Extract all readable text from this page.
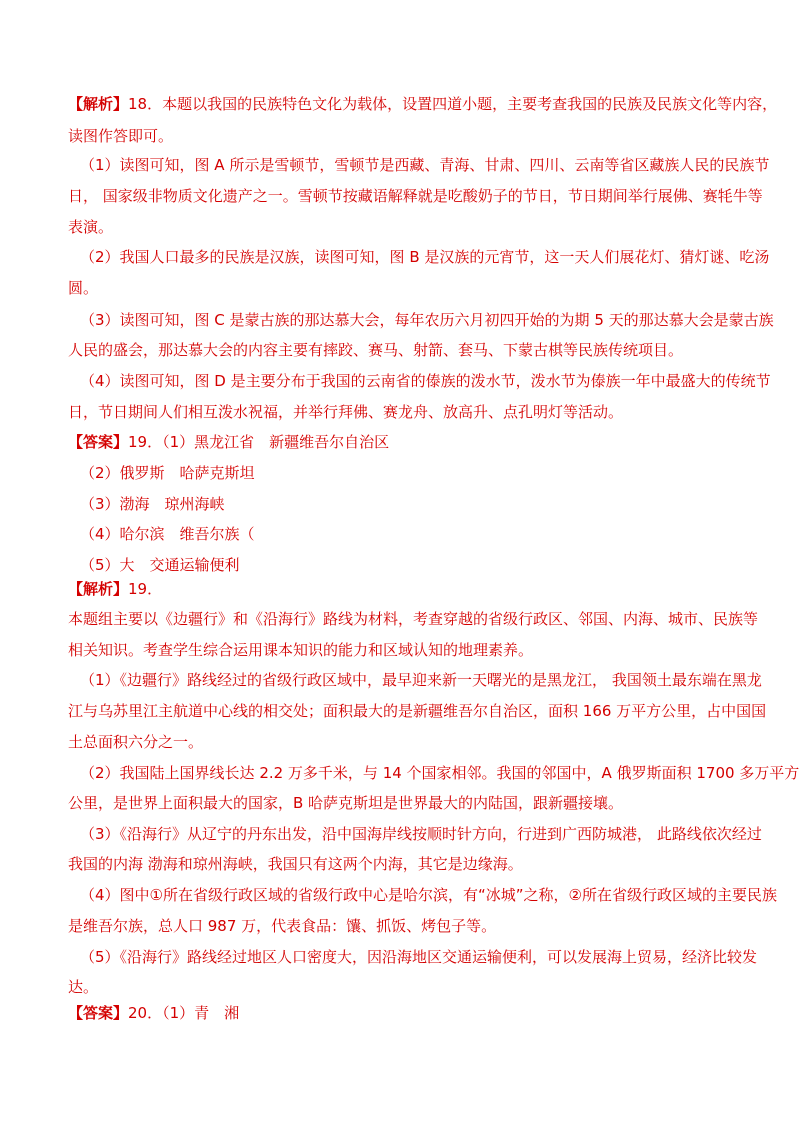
【解析】18．本题以我国的民族特色文化为载体，设置四道小题，主要考查我国的民族及民族文化等内容，
读图作答即可。
（1）读图可知，图 A 所示是雪顿节，雪顿节是西藏、青海、甘肃、四川、云南等省区藏族人民的民族节
日， 国家级非物质文化遗产之一。雪顿节按藏语解释就是吃酸奶子的节日，节日期间举行展佛、赛牦牛等
表演。
（2）我国人口最多的民族是汉族，读图可知，图 B 是汉族的元宵节，这一天人们展花灯、猜灯谜、吃汤
圆。
（3）读图可知，图 C 是蒙古族的那达慕大会，每年农历六月初四开始的为期 5 天的那达慕大会是蒙古族
人民的盛会，那达慕大会的内容主要有摔跤、赛马、射箭、套马、下蒙古棋等民族传统项目。
（4）读图可知，图 D 是主要分布于我国的云南省的傣族的泼水节，泼水节为傣族一年中最盛大的传统节
日，节日期间人们相互泼水祝福，并举行拜佛、赛龙舟、放高升、点孔明灯等活动。
【答案】19．（1）黑龙江省　新疆维吾尔自治区
（2）俄罗斯　哈萨克斯坦
（3）渤海　琼州海峡
（4）哈尔滨　维吾尔族（
（5）大　交通运输便利
【解析】19．
本题组主要以《边疆行》和《沿海行》路线为材料，考查穿越的省级行政区、邻国、内海、城市、民族等
相关知识。考查学生综合运用课本知识的能力和区域认知的地理素养。
（1）《边疆行》路线经过的省级行政区域中，最早迎来新一天曙光的是黑龙江， 我国领土最东端在黑龙
江与乌苏里江主航道中心线的相交处；面积最大的是新疆维吾尔自治区，面积 166 万平方公里，占中国国
土总面积六分之一。
（2）我国陆上国界线长达 2.2 万多千米，与 14 个国家相邻。我国的邻国中，A 俄罗斯面积 1700 多万平方
公里，是世界上面积最大的国家，B 哈萨克斯坦是世界最大的内陆国，跟新疆接壤。
（3）《沿海行》从辽宁的丹东出发，沿中国海岸线按顺时针方向，行进到广西防城港， 此路线依次经过
我国的内海 渤海和琼州海峡，我国只有这两个内海，其它是边缘海。
（4）图中①所在省级行政区域的省级行政中心是哈尔滨，有“冰城”之称，②所在省级行政区域的主要民族
是维吾尔族，总人口 987 万，代表食品：馕、抓饭、烤包子等。
（5）《沿海行》路线经过地区人口密度大，因沿海地区交通运输便利，可以发展海上贸易，经济比较发
达。
【答案】20．（1）青　湘
